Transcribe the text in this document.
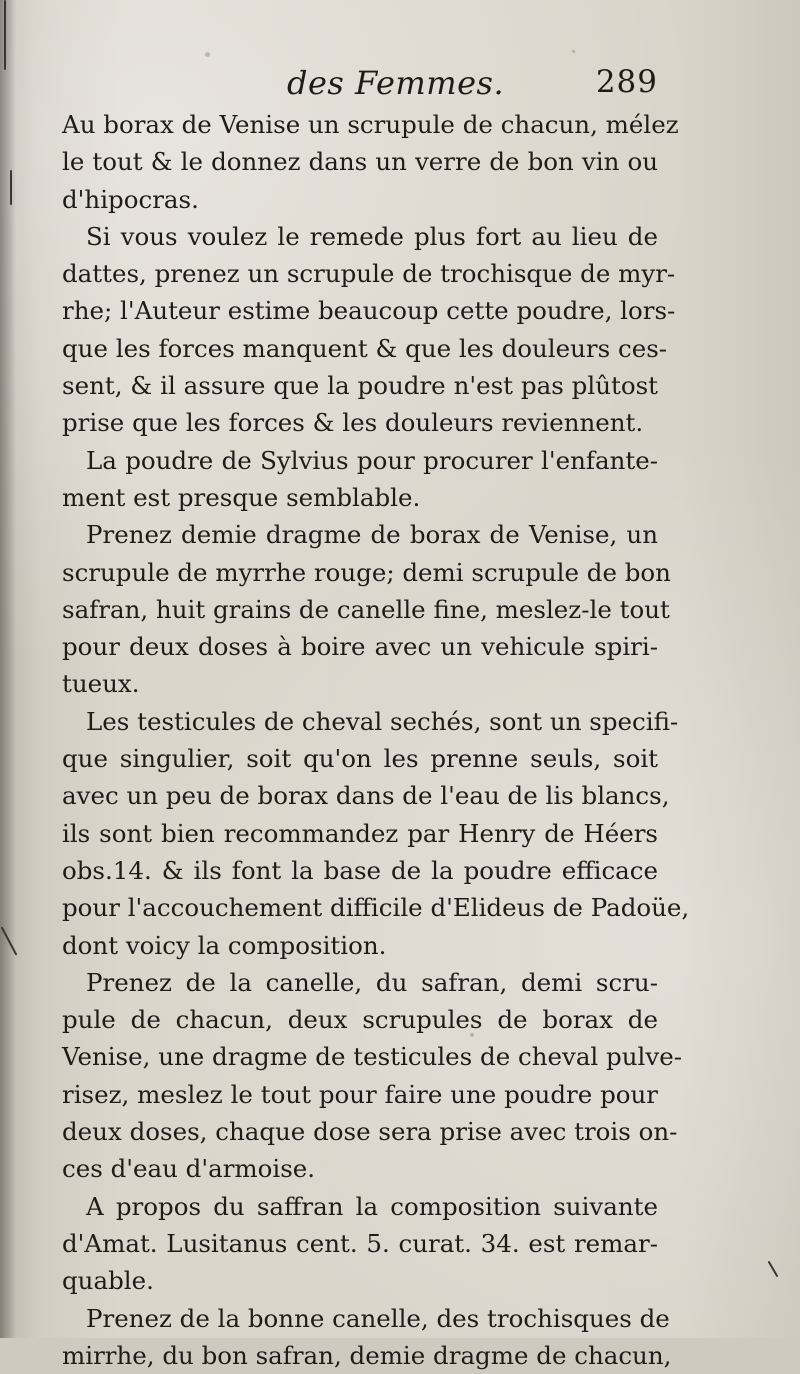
des Femmes.	289
Au borax de Venise un scrupule de chacun, mélez
le tout & le donnez dans un verre de bon vin ou
d'hipocras.
Si vous voulez le remede plus fort au lieu de
dattes, prenez un scrupule de trochisque de myr-
rhe; l'Auteur estime beaucoup cette poudre, lors-
que les forces manquent & que les douleurs ces-
sent, & il assure que la poudre n'est pas plûtost
prise que les forces & les douleurs reviennent.
La poudre de Sylvius pour procurer l'enfante-
ment est presque semblable.
Prenez demie dragme de borax de Venise, un
scrupule de myrrhe rouge; demi scrupule de bon
safran, huit grains de canelle fine, meslez-le tout
pour deux doses à boire avec un vehicule spiri-
tueux.
Les testicules de cheval sechés, sont un specifi-
que singulier, soit qu'on les prenne seuls, soit
avec un peu de borax dans de l'eau de lis blancs,
ils sont bien recommandez par Henry de Héers
obs.14. & ils font la base de la poudre efficace
pour l'accouchement difficile d'Elideus de Padoüe,
dont voicy la composition.
Prenez de la canelle, du safran, demi scru-
pule de chacun, deux scrupules de borax de
Venise, une dragme de testicules de cheval pulve-
risez, meslez le tout pour faire une poudre pour
deux doses, chaque dose sera prise avec trois on-
ces d'eau d'armoise.
A propos du saffran la composition suivante
d'Amat. Lusitanus cent. 5. curat. 34. est remar-
quable.
Prenez de la bonne canelle, des trochisques de
mirrhe, du bon safran, demie dragme de chacun,
